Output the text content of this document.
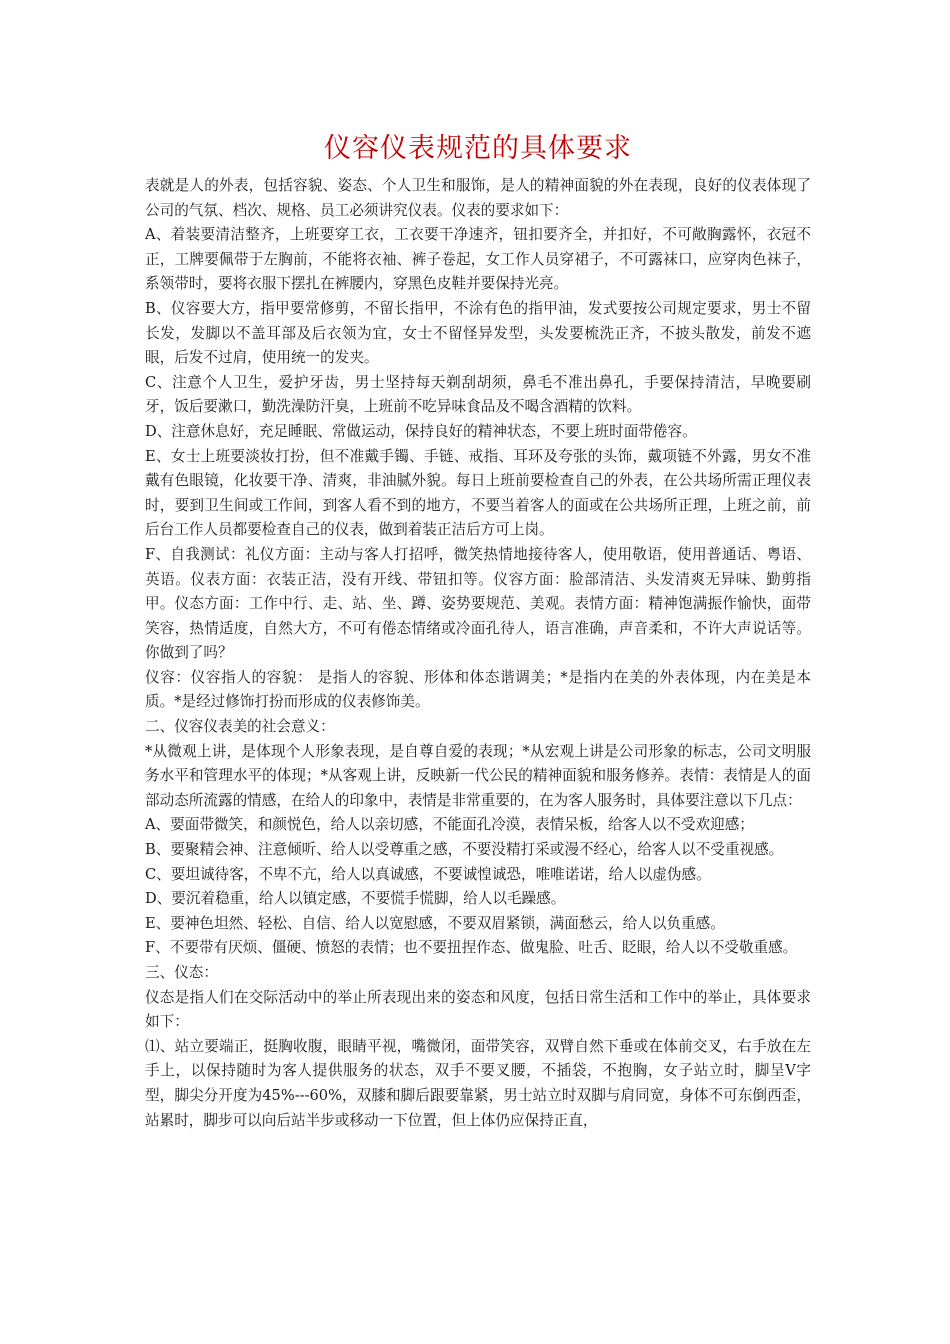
仪容仪表规范的具体要求

表就是人的外表，包括容貌、姿态、个人卫生和服饰，是人的精神面貌的外在表现，良好的仪表体现了公司的气氛、档次、规格、员工必须讲究仪表。仪表的要求如下：

A、着装要清洁整齐，上班要穿工衣，工衣要干净速齐，钮扣要齐全，并扣好，不可敞胸露怀，衣冠不正，工牌要佩带于左胸前，不能将衣袖、裤子卷起，女工作人员穿裙子，不可露袜口，应穿肉色袜子，系领带时，要将衣服下摆扎在裤腰内，穿黑色皮鞋并要保持光亮。

B、仪容要大方，指甲要常修剪，不留长指甲，不涂有色的指甲油，发式要按公司规定要求，男士不留长发，发脚以不盖耳部及后衣领为宜，女士不留怪异发型，头发要梳洗正齐，不披头散发，前发不遮眼，后发不过肩，使用统一的发夹。

C、注意个人卫生，爱护牙齿，男士坚持每天剃刮胡须，鼻毛不准出鼻孔，手要保持清洁，早晚要刷牙，饭后要漱口，勤洗澡防汗臭，上班前不吃异味食品及不喝含酒精的饮料。

D、注意休息好，充足睡眠、常做运动，保持良好的精神状态，不要上班时面带倦容。

E、女士上班要淡妆打扮，但不准戴手镯、手链、戒指、耳环及夸张的头饰，戴项链不外露，男女不准戴有色眼镜，化妆要干净、清爽，非油腻外貌。每日上班前要检查自己的外表，在公共场所需正理仪表时，要到卫生间或工作间，到客人看不到的地方，不要当着客人的面或在公共场所正理，上班之前，前后台工作人员都要检查自己的仪表，做到着装正洁后方可上岗。

F、自我测试：礼仪方面：主动与客人打招呼，微笑热情地接待客人，使用敬语，使用普通话、粤语、英语。仪表方面：衣装正洁，没有开线、带钮扣等。仪容方面：脸部清洁、头发清爽无异味、勤剪指甲。仪态方面：工作中行、走、站、坐、蹲、姿势要规范、美观。表情方面：精神饱满振作愉快，面带笑容，热情适度，自然大方，不可有倦态情绪或冷面孔待人，语言准确，声音柔和，不许大声说话等。 你做到了吗？

仪容：仪容指人的容貌： 是指人的容貌、形体和体态谐调美；*是指内在美的外表体现，内在美是本质。*是经过修饰打扮而形成的仪表修饰美。

二、仪容仪表美的社会意义：

*从微观上讲，是体现个人形象表现，是自尊自爱的表现；*从宏观上讲是公司形象的标志，公司文明服务水平和管理水平的体现；*从客观上讲，反映新一代公民的精神面貌和服务修养。表情：表情是人的面部动态所流露的情感，在给人的印象中，表情是非常重要的，在为客人服务时，具体要注意以下几点：

A、要面带微笑，和颜悦色，给人以亲切感，不能面孔冷漠，表情呆板，给客人以不受欢迎感；

B、要聚精会神、注意倾听、给人以受尊重之感，不要没精打采或漫不经心，给客人以不受重视感。

C、要坦诚待客，不卑不亢，给人以真诚感，不要诚惶诚恐，唯唯诺诺，给人以虚伪感。

D、要沉着稳重，给人以镇定感，不要慌手慌脚，给人以毛躁感。

E、要神色坦然、轻松、自信、给人以宽慰感，不要双眉紧锁，满面愁云，给人以负重感。

F、不要带有厌烦、僵硬、愤怒的表情；也不要扭捏作态、做鬼脸、吐舌、眨眼，给人以不受敬重感。

三、仪态：

仪态是指人们在交际活动中的举止所表现出来的姿态和风度，包括日常生活和工作中的举止，具体要求如下：

⑴、站立要端正，挺胸收腹，眼睛平视，嘴微闭，面带笑容，双臂自然下垂或在体前交叉，右手放在左手上，以保持随时为客人提供服务的状态，双手不要叉腰，不插袋，不抱胸，女子站立时，脚呈V字型，脚尖分开度为45%---60%，双膝和脚后跟要靠紧，男士站立时双脚与肩同宽，身体不可东倒西歪，站累时，脚步可以向后站半步或移动一下位置，但上体仍应保持正直，
